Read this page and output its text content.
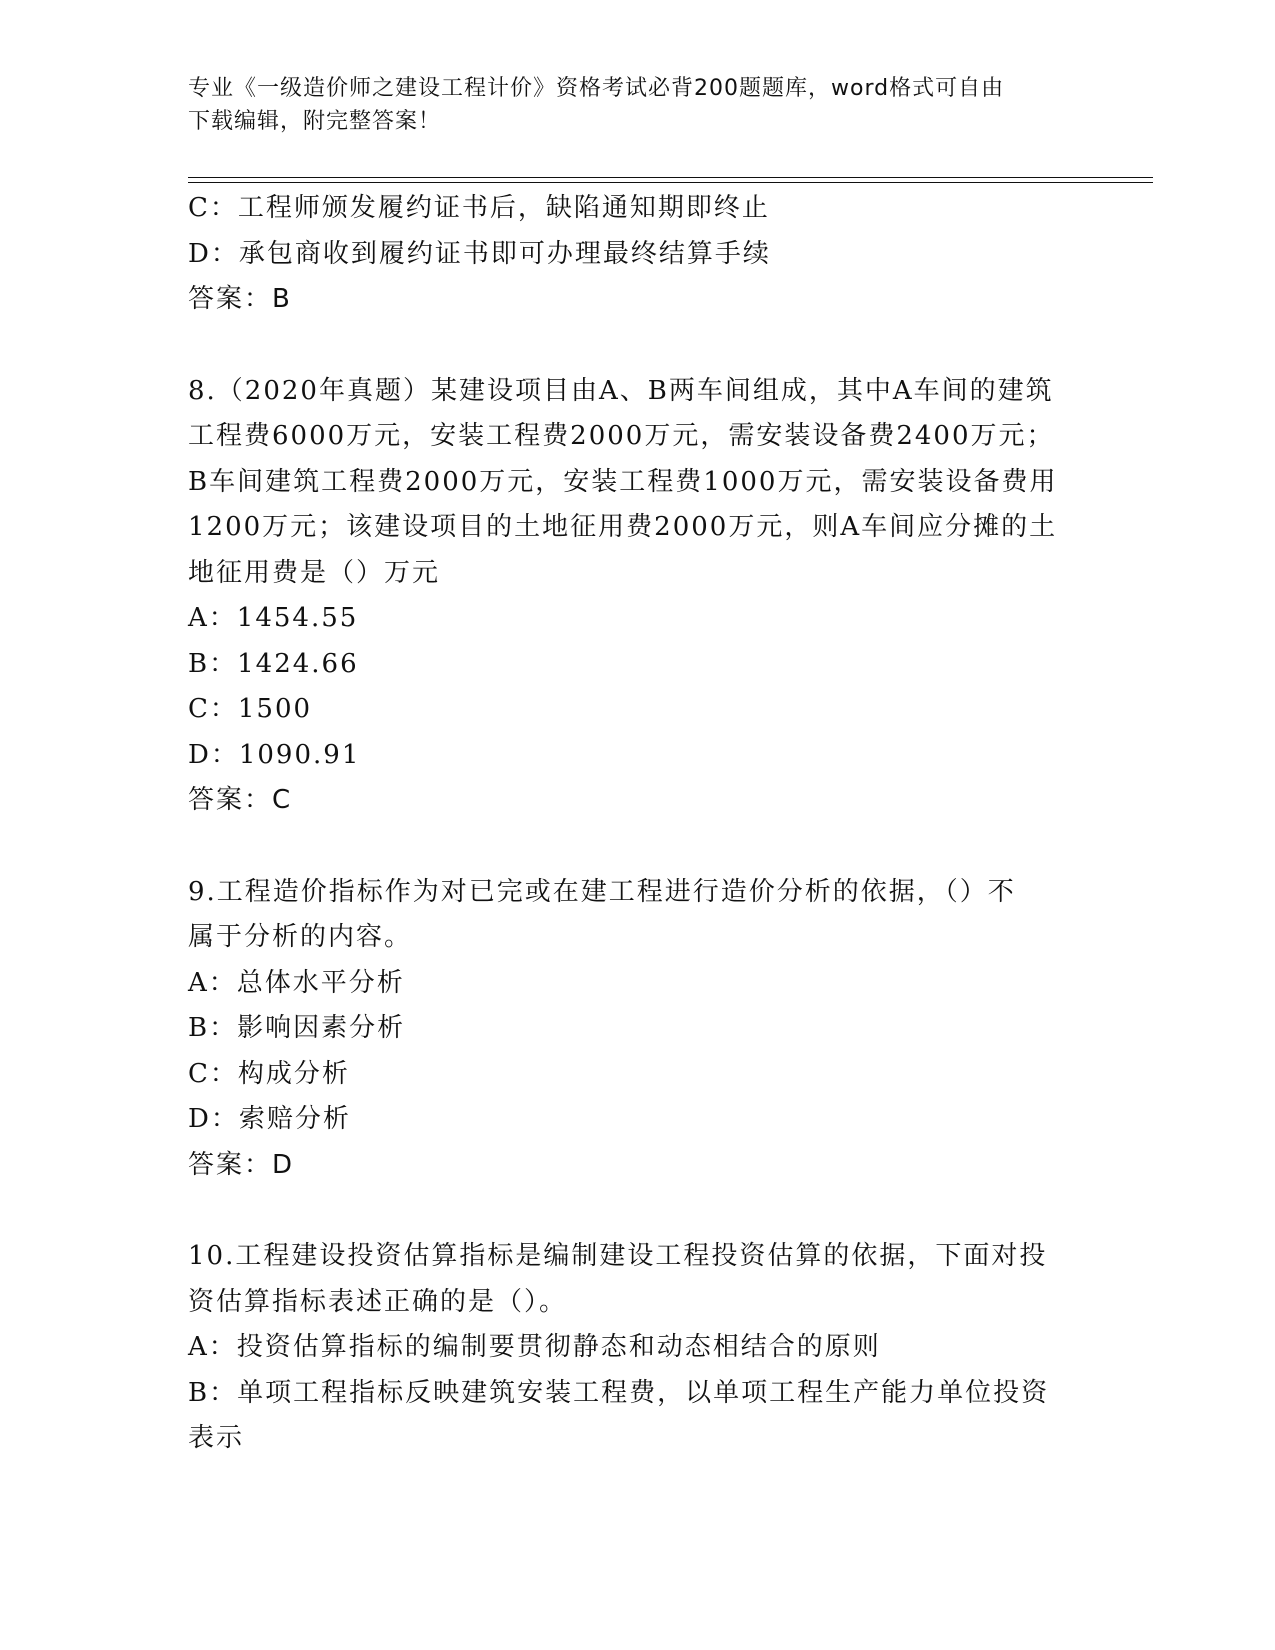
专业《一级造价师之建设工程计价》资格考试必背200题题库，word格式可自由
下载编辑，附完整答案！
C：工程师颁发履约证书后，缺陷通知期即终止
D：承包商收到履约证书即可办理最终结算手续
答案：B
8.（2020年真题）某建设项目由A、B两车间组成，其中A车间的建筑
工程费6000万元，安装工程费2000万元，需安装设备费2400万元；
B车间建筑工程费2000万元，安装工程费1000万元，需安装设备费用
1200万元；该建设项目的土地征用费2000万元，则A车间应分摊的土
地征用费是（）万元
A：1454.55
B：1424.66
C：1500
D：1090.91
答案：C
9.工程造价指标作为对已完或在建工程进行造价分析的依据，（）不
属于分析的内容。
A：总体水平分析
B：影响因素分析
C：构成分析
D：索赔分析
答案：D
10.工程建设投资估算指标是编制建设工程投资估算的依据，下面对投
资估算指标表述正确的是（）。
A：投资估算指标的编制要贯彻静态和动态相结合的原则
B：单项工程指标反映建筑安装工程费，以单项工程生产能力单位投资
表示
